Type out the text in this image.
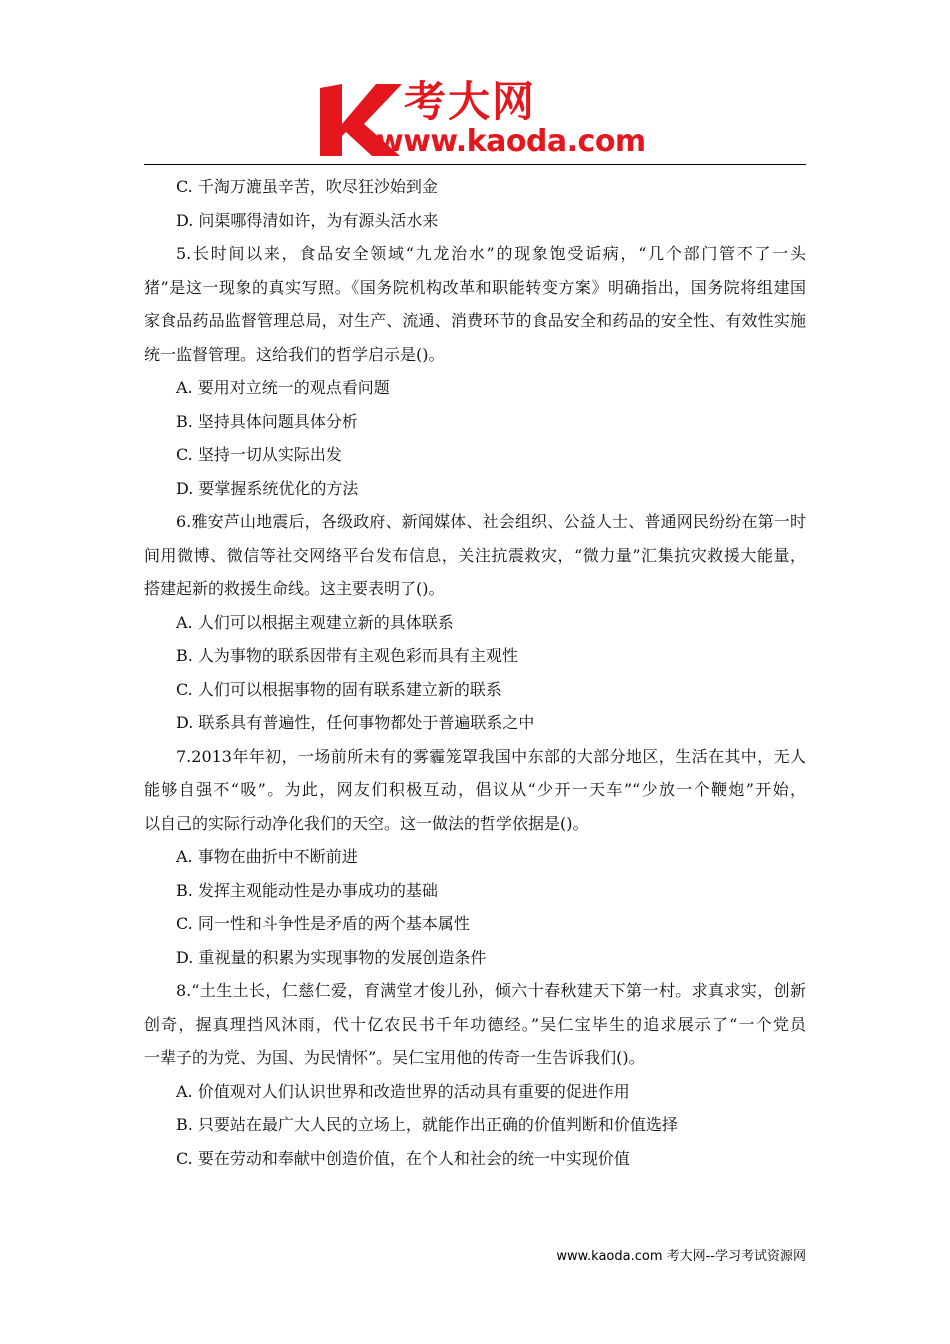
考大网
www.kaoda.com
C. 千淘万漉虽辛苦，吹尽狂沙始到金
D. 问渠哪得清如许，为有源头活水来
5.长时间以来，食品安全领域“九龙治水”的现象饱受诟病，“几个部门管不了一头
猪”是这一现象的真实写照。《国务院机构改革和职能转变方案》明确指出，国务院将组建国
家食品药品监督管理总局，对生产、流通、消费环节的食品安全和药品的安全性、有效性实施
统一监督管理。这给我们的哲学启示是()。
A. 要用对立统一的观点看问题
B. 坚持具体问题具体分析
C. 坚持一切从实际出发
D. 要掌握系统优化的方法
6.雅安芦山地震后，各级政府、新闻媒体、社会组织、公益人士、普通网民纷纷在第一时
间用微博、微信等社交网络平台发布信息，关注抗震救灾，“微力量”汇集抗灾救援大能量，
搭建起新的救援生命线。这主要表明了()。
A. 人们可以根据主观建立新的具体联系
B. 人为事物的联系因带有主观色彩而具有主观性
C. 人们可以根据事物的固有联系建立新的联系
D. 联系具有普遍性，任何事物都处于普遍联系之中
7.2013年年初，一场前所未有的雾霾笼罩我国中东部的大部分地区，生活在其中，无人
能够自强不“吸”。为此，网友们积极互动，倡议从“少开一天车”“少放一个鞭炮”开始，
以自己的实际行动净化我们的天空。这一做法的哲学依据是()。
A. 事物在曲折中不断前进
B. 发挥主观能动性是办事成功的基础
C. 同一性和斗争性是矛盾的两个基本属性
D. 重视量的积累为实现事物的发展创造条件
8.“土生土长，仁慈仁爱，育满堂才俊儿孙，倾六十春秋建天下第一村。求真求实，创新
创奇，握真理挡风沐雨，代十亿农民书千年功德经。”吴仁宝毕生的追求展示了“一个党员
一辈子的为党、为国、为民情怀”。吴仁宝用他的传奇一生告诉我们()。
A. 价值观对人们认识世界和改造世界的活动具有重要的促进作用
B. 只要站在最广大人民的立场上，就能作出正确的价值判断和价值选择
C. 要在劳动和奉献中创造价值，在个人和社会的统一中实现价值
www.kaoda.com 考大网--学习考试资源网
